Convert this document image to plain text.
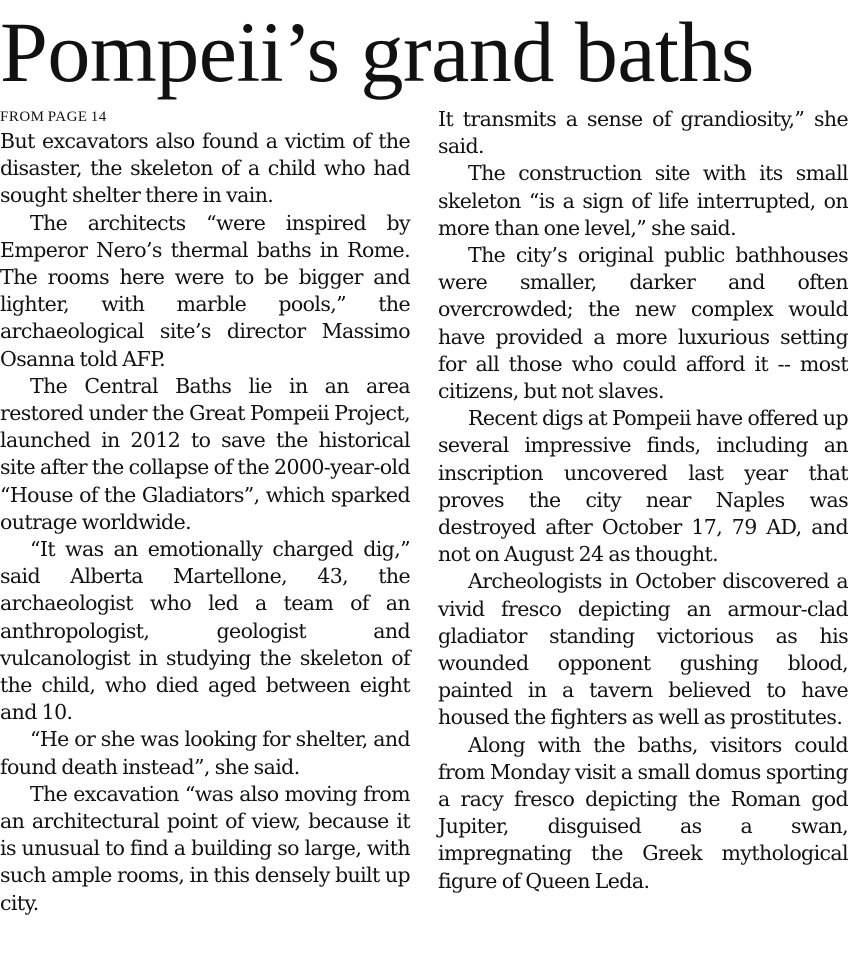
Pompeii’s grand baths
FROM PAGE 14

But excavators also found a victim of the disaster, the skeleton of a child who had sought shelter there in vain.

The architects “were inspired by Emperor Nero’s thermal baths in Rome. The rooms here were to be bigger and lighter, with marble pools,” the archaeological site’s director Massimo Osanna told AFP.

The Central Baths lie in an area restored under the Great Pompeii Project, launched in 2012 to save the historical site after the collapse of the 2000-year-old “House of the Gladiators”, which sparked outrage worldwide.

“It was an emotionally charged dig,” said Alberta Martellone, 43, the archaeologist who led a team of an anthropologist, geologist and vulcanologist in studying the skeleton of the child, who died aged between eight and 10.

“He or she was looking for shelter, and found death instead”, she said.

The excavation “was also moving from an architectural point of view, because it is unusual to find a building so large, with such ample rooms, in this densely built up city.

It transmits a sense of grandiosity,” she said.

The construction site with its small skeleton “is a sign of life interrupted, on more than one level,” she said.

The city’s original public bathhouses were smaller, darker and often overcrowded; the new complex would have provided a more luxurious setting for all those who could afford it -- most citizens, but not slaves.

Recent digs at Pompeii have offered up several impressive finds, including an inscription uncovered last year that proves the city near Naples was destroyed after October 17, 79 AD, and not on August 24 as thought.

Archeologists in October discovered a vivid fresco depicting an armour-clad gladiator standing victorious as his wounded opponent gushing blood, painted in a tavern believed to have housed the fighters as well as prostitutes.

Along with the baths, visitors could from Monday visit a small domus sporting a racy fresco depicting the Roman god Jupiter, disguised as a swan, impregnating the Greek mythological figure of Queen Leda.
